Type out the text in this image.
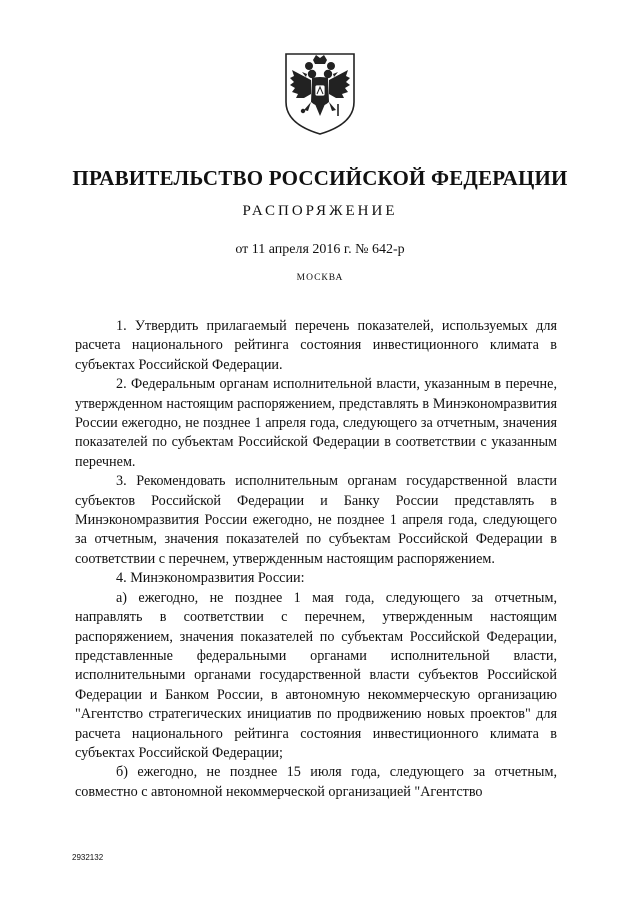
ПРАВИТЕЛЬСТВО РОССИЙСКОЙ ФЕДЕРАЦИИ
РАСПОРЯЖЕНИЕ
от 11 апреля 2016 г. № 642-р
МОСКВА

1. Утвердить прилагаемый перечень показателей, используемых для расчета национального рейтинга состояния инвестиционного климата в субъектах Российской Федерации.

2. Федеральным органам исполнительной власти, указанным в перечне, утвержденном настоящим распоряжением, представлять в Минэкономразвития России ежегодно, не позднее 1 апреля года, следующего за отчетным, значения показателей по субъектам Российской Федерации в соответствии с указанным перечнем.

3. Рекомендовать исполнительным органам государственной власти субъектов Российской Федерации и Банку России представлять в Минэкономразвития России ежегодно, не позднее 1 апреля года, следующего за отчетным, значения показателей по субъектам Российской Федерации в соответствии с перечнем, утвержденным настоящим распоряжением.

4. Минэкономразвития России:

а) ежегодно, не позднее 1 мая года, следующего за отчетным, направлять в соответствии с перечнем, утвержденным настоящим распоряжением, значения показателей по субъектам Российской Федерации, представленные федеральными органами исполнительной власти, исполнительными органами государственной власти субъектов Российской Федерации и Банком России, в автономную некоммерческую организацию "Агентство стратегических инициатив по продвижению новых проектов" для расчета национального рейтинга состояния инвестиционного климата в субъектах Российской Федерации;

б) ежегодно, не позднее 15 июля года, следующего за отчетным, совместно с автономной некоммерческой организацией "Агентство

2932132
